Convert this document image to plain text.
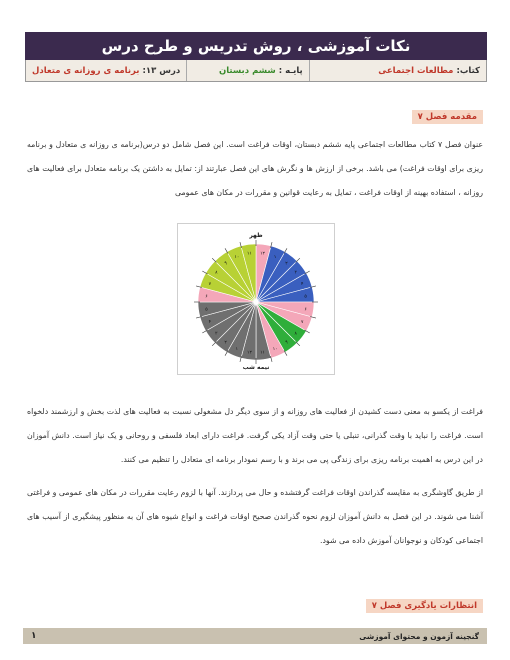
نکات آموزشی ، روش تدریس و طرح درس
کتاب:
مطالعات اجتماعی
پایـه :
ششم دبستان
درس ۱۳:
برنامه ی روزانه ی متعادل
مقدمه فصل
۷
عنوان فصل ۷ کتاب مطالعات اجتماعی پایه ششم دبستان، اوقات فراغت است. این فصل شامل دو درس(برنامه ی روزانه ی متعادل و برنامه ریزی برای اوقات فراغت) می باشد. برخی از ارزش ها و نگرش های این فصل عبارتند از: تمایل به داشتن یک برنامه متعادل برای فعالیت های روزانه ، استفاده بهینه از اوقات فراغت ، تمایل به رعایت قوانین و مقررات در مکان های عمومی
۱۲
۱
۲
۳
۴
۵
۶
۷
۸
۹
۱۰
۱۱
۱۲
۱
۲
۳
۴
۵
۶
۷
۸
۹
۱۰
۱۱
ظهر
نیمه شب
فراغت از یکسو به معنی دست کشیدن از فعالیت های روزانه و از سوی دیگر دل مشغولی نسبت به فعالیت های لذت بخش و ارزشمند دلخواه است. فراغت را نباید با وقت گذرانی، تنبلی یا حتی وقت آزاد یکی گرفت. فراغت دارای ابعاد فلسفی و روحانی و یک نیاز است. دانش آموزان در این درس به اهمیت برنامه ریزی برای زندگی پی می برند و با رسم نمودار برنامه ای متعادل را تنظیم می کنند.
از طریق گاوشگری به مقایسه گذراندن اوقات فراغت گرفتشده و حال می پردازند. آنها با لزوم رعایت مقررات در مکان های عمومی و فراغتی آشنا می شوند. در این فصل به دانش آموزان لزوم نحوه گذراندن صحیح اوقات فراغت و انواع شیوه های آن به منظور پیشگیری از آسیب های اجتماعی کودکان و نوجوانان آموزش داده می شود.
انتظارات یادگیری فصل
۷
گنجینه آزمون و محتوای آموزشی
۱
